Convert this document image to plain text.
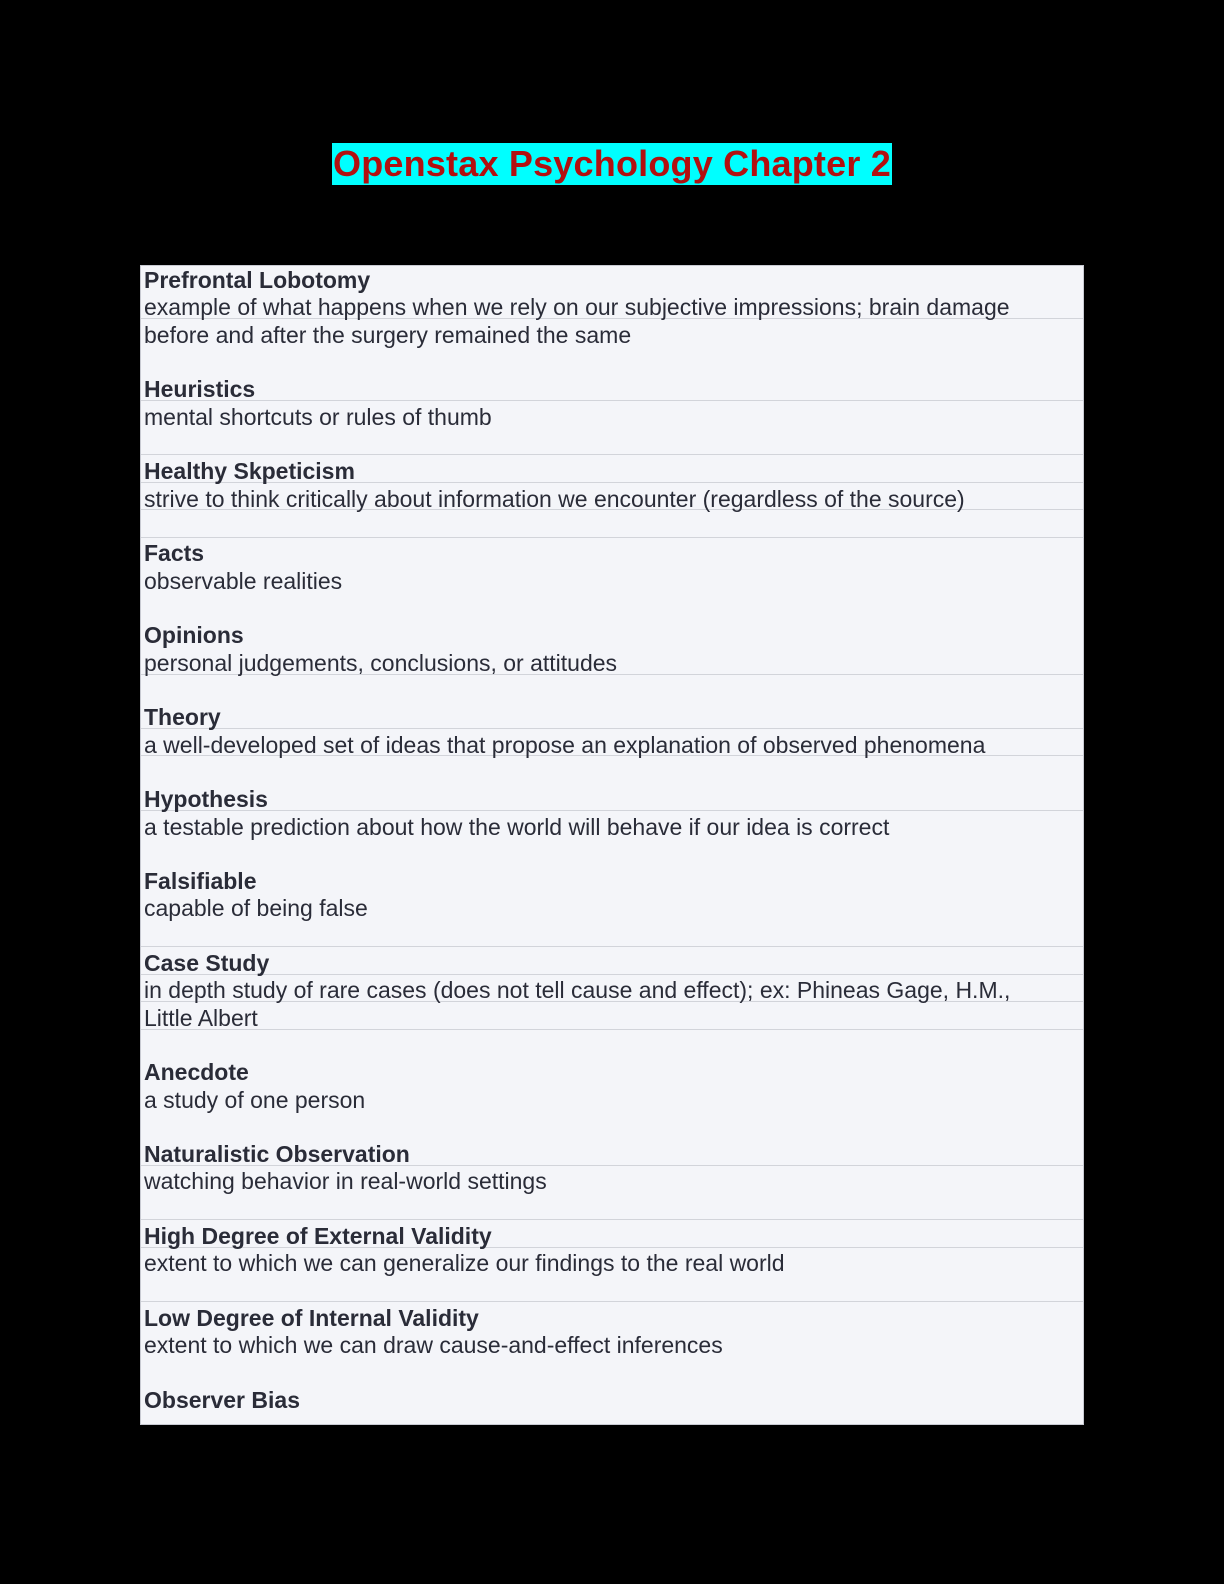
Openstax Psychology Chapter 2
Prefrontal Lobotomy
example of what happens when we rely on our subjective impressions; brain damage
before and after the surgery remained the same
Heuristics
mental shortcuts or rules of thumb
Healthy Skpeticism
strive to think critically about information we encounter (regardless of the source)
Facts
observable realities
Opinions
personal judgements, conclusions, or attitudes
Theory
a well-developed set of ideas that propose an explanation of observed phenomena
Hypothesis
a testable prediction about how the world will behave if our idea is correct
Falsifiable
capable of being false
Case Study
in depth study of rare cases (does not tell cause and effect); ex: Phineas Gage, H.M.,
Little Albert
Anecdote
a study of one person
Naturalistic Observation
watching behavior in real-world settings
High Degree of External Validity
extent to which we can generalize our findings to the real world
Low Degree of Internal Validity
extent to which we can draw cause-and-effect inferences
Observer Bias
